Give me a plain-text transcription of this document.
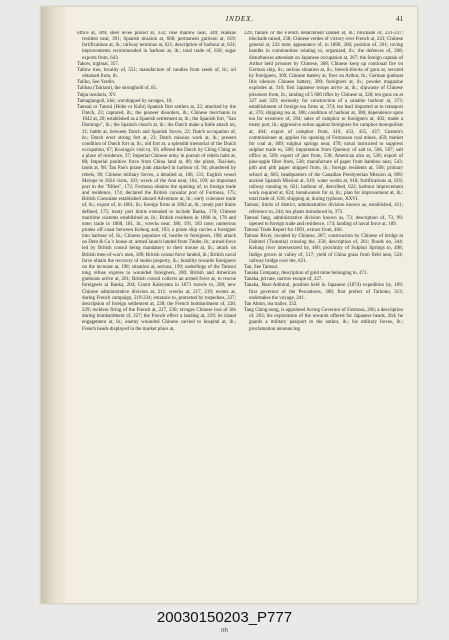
INDEX.	41

office at, 309; steel levee placed at, 332; rose mallow near, 349; Hakkas resident near, 391; Spanish mission at, 608; permanent garrison at, 619; fortifications at, ib.; railway terminus at, 621; description of harbour at, 624; improvements recommended in harbour at, ib.; total trade of, 636; sugar exports from, 643.

Takow, tugboat, 357.

Tallow tree, locality of, 551; manufacture of candles from seeds of, ib.; oil obtained from, ib.

Taliho, See Yerdin.

Talibau (Tairiani), the stronghold of, 81.

Talpa insularis, XV.

Tamagiangoli, idol, worshipped by savages, 10;

Tamsui or Tansui (Hobe or Kobi) Spanish first settlers at, 22; attacked by the Dutch, 23; captured, ib.; the pioneer disorders, ib.; Chinese merchants in 1642 at, 20; established as a Spanish settlement at, ib.; the Spanish fort, "San Domingo", ib.; the Spanish church at, ib.; the Dutch make a futile attack on, 21; battle at, between Dutch and Spanish forces, 22; Dutch occupation of, ib.; Dutch erect strong fort at, 23; Dutch mission work at, ib.; present condition of Dutch fort at, ib.; old fort at, a splendid memorial of the Dutch occupation, 67; Koxinga's visit to, 39; offered the Dutch by Ching Ching as a place of residence, 37; Imperial Chinese army in pursuit of rebels halts at, 88; Imperial punitive force from China land at, 89; the pirate, Tsai-ken, lands at, 98; Tan Pao's pirate junk attacked in harbour of, 94; plundered by rebels, 96; Chinese military forces, a detailed at, 108, 131; English vessel Merope in 1824 visits, 103; wreck of the Ann near, 104, 109; an important port in the "fifties", 172; Formosa obtains the opening of, to foreign trade and residence, 174; declared the British consular port of Formosa, 175; British Consulate established aboard Adventure at, ib.; early coleonier trade of, ib.; export of, in 1861, ib.; foreign firms in 1862 at, ib.; treaty port limits defined, 175; treaty port limits extended to include Banka, 176; Chinese maritime customs established at, ib.; British residents in 1868 in, 178 and note; trade in 1868, 181, ib.; wrecks near, 186, 191, 183 note; numerous pirates off coast between Kelung and, 193; a pirate ship carries a foreigner into harbour of, ib.; Chinese populace of, hostile to foreigners, 198; attack on Dent & Co.'s house at; armed launch landed from Tinder, ib.; armed force led by British consul being mandatory to their mouse at, ib.; attack on British men-of-war's men, 189; British consul force landed, ib.; British naval force obtain the recovery of stolen property, ib.; hostility towards foreigners on the increase at, 198; situation at, serious, 199; underlings of the Tamsui tong refuse express to wounded foreigners, 200; British and American gunboats arrive at, 201; British consul collects an armed force at, to rescue foreigners at Banka, 204; Count Kaleyama in 1873 travels to, 208; new Chinese administrative division at, 211; wrecks at, 217, 219; events at, during French campaign, 219-234; entrance to, protected by torpedoes, 227; description of foreign settlement at, 228; the French bombardment of, 228, 229; reckless firing of the French at, 227, 230; ravages Chinese loss of life during bombardment of, 227; the French effect a landing at, 229; its island engagement at, ib.; enemy wounded Chinese carried to hospital at, ib.; French heads displayed in the market place at,

229; failure of the French detachment landed at, ib.; blockade of, 231-237; blockade raised, 238; Chinese verdes of victory over French at, 243; Chinese general at, 243 note; appearance of, in 1890, 260; position of, 261; roving bandits in communities relating to, organized, ib.; the defences of, 268; disturbances attendant on Japanese occupation at, 267; the foreign captain of Arthur held prisoner by Chinese, 308; Chinese keep up continual fire on German ship, ib.; serious situation at, ib.; breech-blocks of guns at, secured by foreigners, 309; Chinese battery at, fires on Arthur, ib.; German gunboat Iltis silences Chinese battery, 309; foreigners at, ib.; powder magazine explodes at, 310; first Japanese troops arrive at, ib.; slipwaste of Chinese prisoners from, ib.; landing of 5 000 rifles by Chinese at, 328; ten guns on at 327 and 329; necessity for construction of a suitable harbour at, 373; establishment of foreign tea firms at, 374; tea lead imported at to transport at, 376; shipping tea at, 386; condition of harbour at, 386; dependence upon tea for existence of, 394; sales of camphor to foreigners at, 402; made a treaty port, ib.; aggressive action against foreigners for camphor monopolists at, 404; export of camphor from, 410, 433, 435, 437; Custom's commissioner at, applies for opening of Formosan coal mines, 459; market for coal at, 469; sulphur springs near, 470; naval instructed to suppress sulphur trade to, 500; importation from Quemoy of salt to, 506, 507; salt office at, 509; export of jute from, 530; American also at, 538; export of pine-apple fibre from, 538; manufacture of paper from bamboo near, 543; pith and pith paper shipped from, ib.; foreign residents at, 560; primary school at, 605; headquarters of the Canadian Presbyterian Mission at, 609; ancient Spanish Mission at, 619; water works at, 618; fortifications at, 619; railway running to, 621; harbour of, described, 622; harbour improvement work required at, 624; breakwaters for at, ib.; plan for improvement at, ib.; total trade of, 636; shipping at, during typhoon, XXVI.

Tamsui, limits of district, administrative division known as, established, 411; reference to, 244; tea plants introduced in, 373.

Tamsui fang, administrative division known as, 73; description of, 73, 99; opened to foreign trade and residence, 174; landing of naval force at, 189.

Tamsui Trade Report for 1891, extract from, 466.

Tamsui River, invaded by Chinese, 287; construction by Chinese of bridge at Daitotei (Twatutia) crossing the, 250; description of, 261; floods on, 344; Kelung river intersecured by, 460; proximity of Sulphur Springs to, 498; Indigo grown in valley of, 517; yield of China grass from field near, 524; railway bridge over the, 621.

Tan, See Tamsui.

Tanaka Company, description of gold mine belonging to, 471.

Tanaka, private, narrow escape of, 327.

Tanaka, Rear-Admiral, position held in Japanese (1874) expedition by, 109; first governor of the Pescadores, 308; first prefect of Taihoku, 313; undertakes the voyage, 241.

Tan Ahton, tea trailer, 332.

Tang Ching-sung, is appointed Acting Governor of Formosa, 266; a description of, 263; his exploration of the rewards offered for Japanese heads, 264; he guards a military passport to the author, ib.; his military forces, ib.; proclamation announcing

20030150203_P777
nh
